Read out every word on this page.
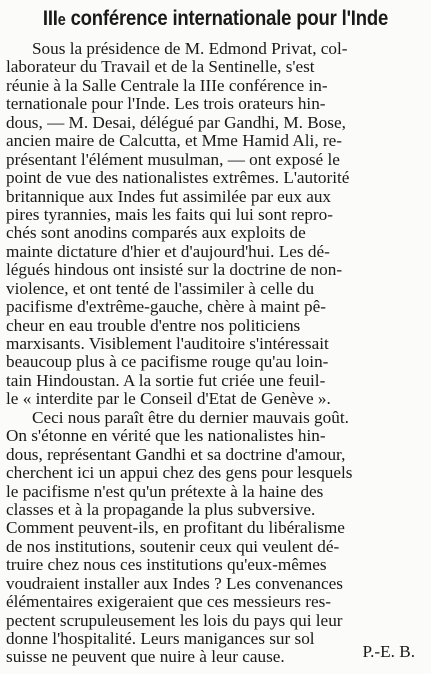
IIIe conférence internationale pour l'Inde
Sous la présidence de M. Edmond Privat, col-
laborateur du Travail et de la Sentinelle, s'est
réunie à la Salle Centrale la IIIe conférence in-
ternationale pour l'Inde. Les trois orateurs hin-
dous, — M. Desai, délégué par Gandhi, M. Bose,
ancien maire de Calcutta, et Mme Hamid Ali, re-
présentant l'élément musulman, — ont exposé le
point de vue des nationalistes extrêmes. L'autorité
britannique aux Indes fut assimilée par eux aux
pires tyrannies, mais les faits qui lui sont repro-
chés sont anodins comparés aux exploits de
mainte dictature d'hier et d'aujourd'hui. Les dé-
légués hindous ont insisté sur la doctrine de non-
violence, et ont tenté de l'assimiler à celle du
pacifisme d'extrême-gauche, chère à maint pê-
cheur en eau trouble d'entre nos politiciens
marxisants. Visiblement l'auditoire s'intéressait
beaucoup plus à ce pacifisme rouge qu'au loin-
tain Hindoustan. A la sortie fut criée une feuil-
le « interdite par le Conseil d'Etat de Genève ».
Ceci nous paraît être du dernier mauvais goût.
On s'étonne en vérité que les nationalistes hin-
dous, représentant Gandhi et sa doctrine d'amour,
cherchent ici un appui chez des gens pour lesquels
le pacifisme n'est qu'un prétexte à la haine des
classes et à la propagande la plus subversive.
Comment peuvent-ils, en profitant du libéralisme
de nos institutions, soutenir ceux qui veulent dé-
truire chez nous ces institutions qu'eux-mêmes
voudraient installer aux Indes ? Les convenances
élémentaires exigeraient que ces messieurs res-
pectent scrupuleusement les lois du pays qui leur
donne l'hospitalité. Leurs manigances sur sol
suisse ne peuvent que nuire à leur cause.	P.-E. B.
